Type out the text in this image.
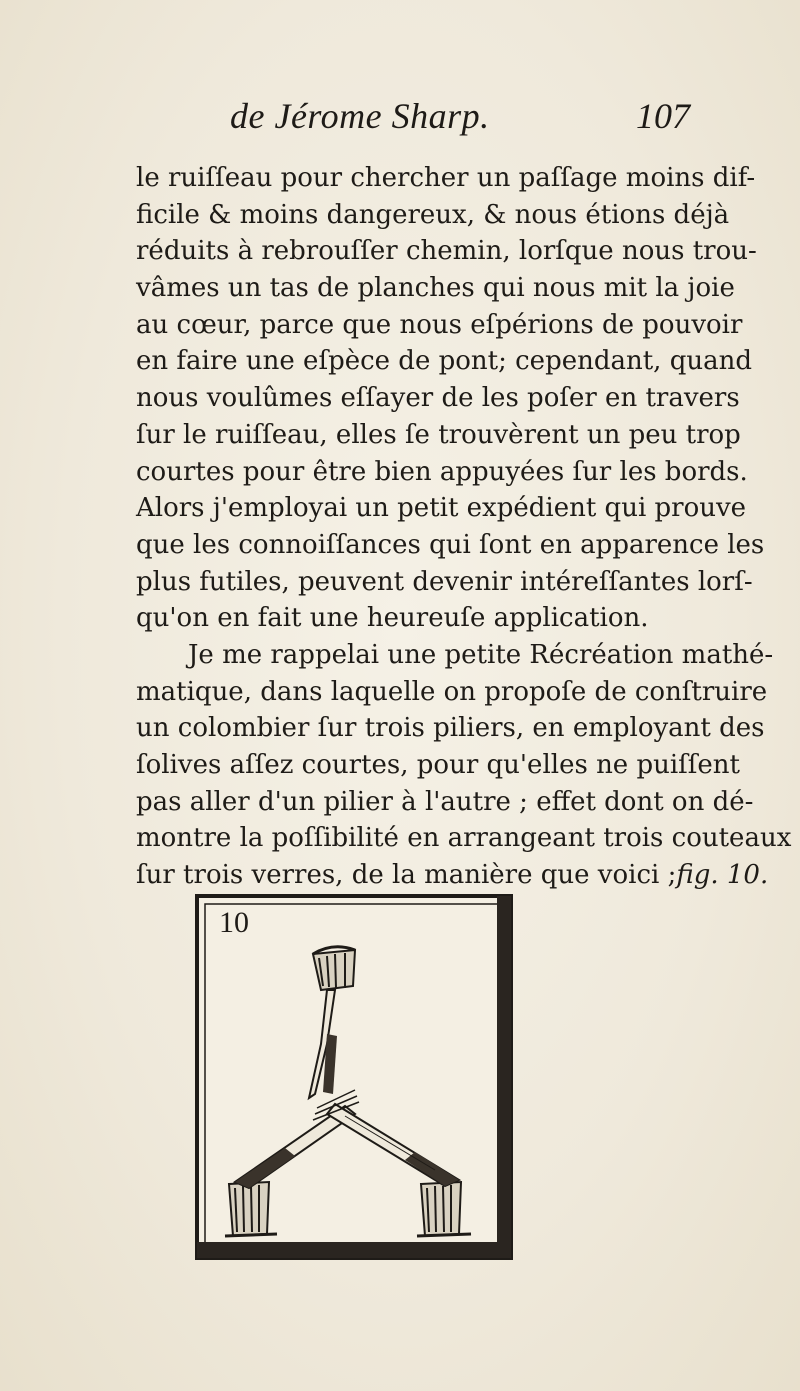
de Jérome Sharp.	107
le ruiſſeau pour chercher un paſſage moins dif-
ficile & moins dangereux, & nous étions déjà
réduits à rebrouſſer chemin, lorſque nous trou-
vâmes un tas de planches qui nous mit la joie
au cœur, parce que nous eſpérions de pouvoir
en faire une eſpèce de pont; cependant, quand
nous voulûmes eſſayer de les poſer en travers
ſur le ruiſſeau, elles ſe trouvèrent un peu trop
courtes pour être bien appuyées ſur les bords.
Alors j'employai un petit expédient qui prouve
que les connoiſſances qui ſont en apparence les
plus futiles, peuvent devenir intéreſſantes lorſ-
qu'on en fait une heureuſe application.
Je me rappelai une petite Récréation mathé-
matique, dans laquelle on propoſe de conſtruire
un colombier ſur trois piliers, en employant des
ſolives aſſez courtes, pour qu'elles ne puiſſent
pas aller d'un pilier à l'autre ; effet dont on dé-
montre la poſſibilité en arrangeant trois couteaux
ſur trois verres, de la manière que voici ;fig. 10.
10
